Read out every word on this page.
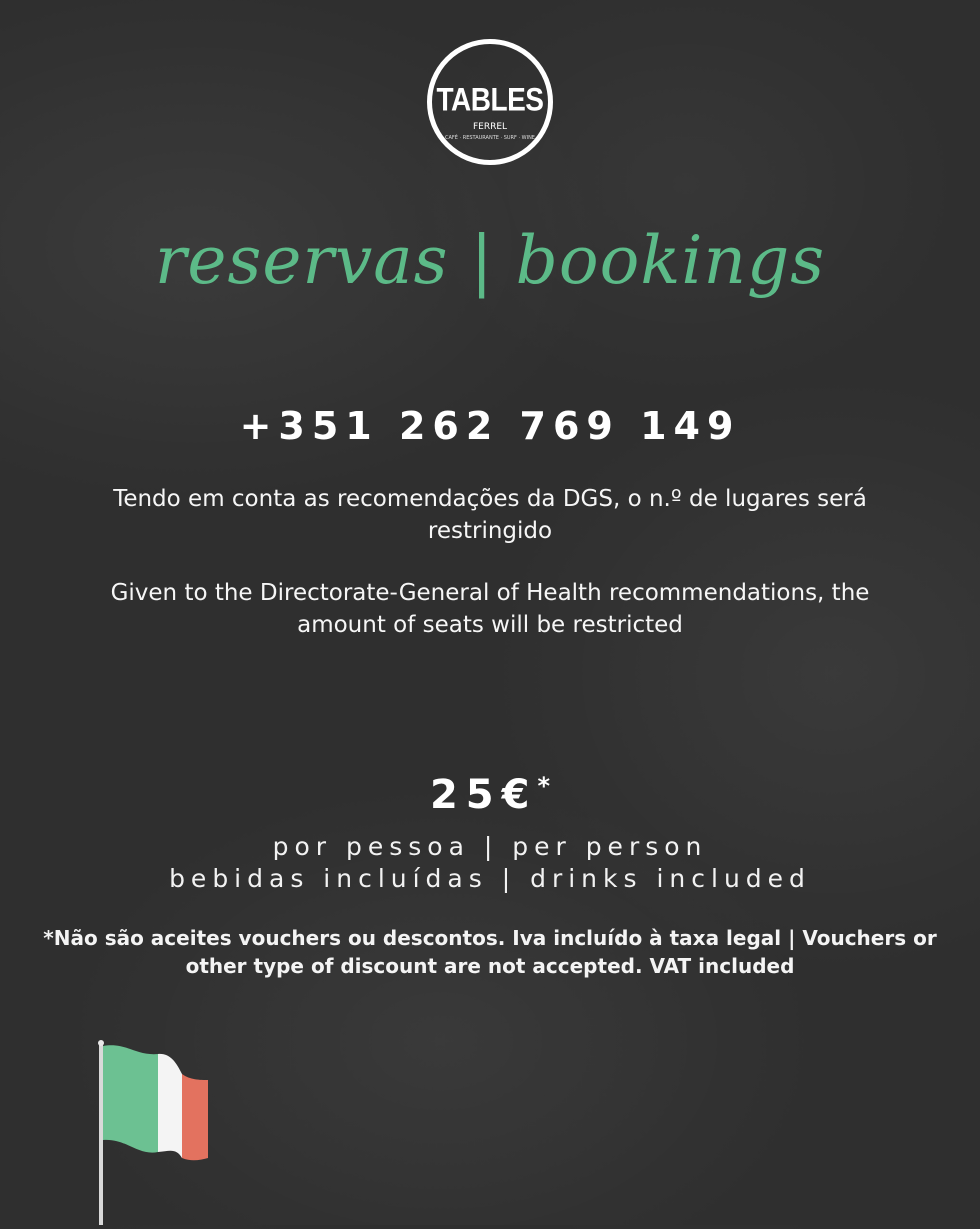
TABLES
FERREL
CAFÉ · RESTAURANTE · SURF · WINE
reservas | bookings
+351 262 769 149
Tendo em conta as recomendações da DGS, o n.º de lugares será restringido
Given to the Directorate-General of Health recommendations, the amount of seats will be restricted
25€*
por pessoa | per person
bebidas incluídas | drinks included
*Não são aceites vouchers ou descontos. Iva incluído à taxa legal | Vouchers or other type of discount are not accepted. VAT included
